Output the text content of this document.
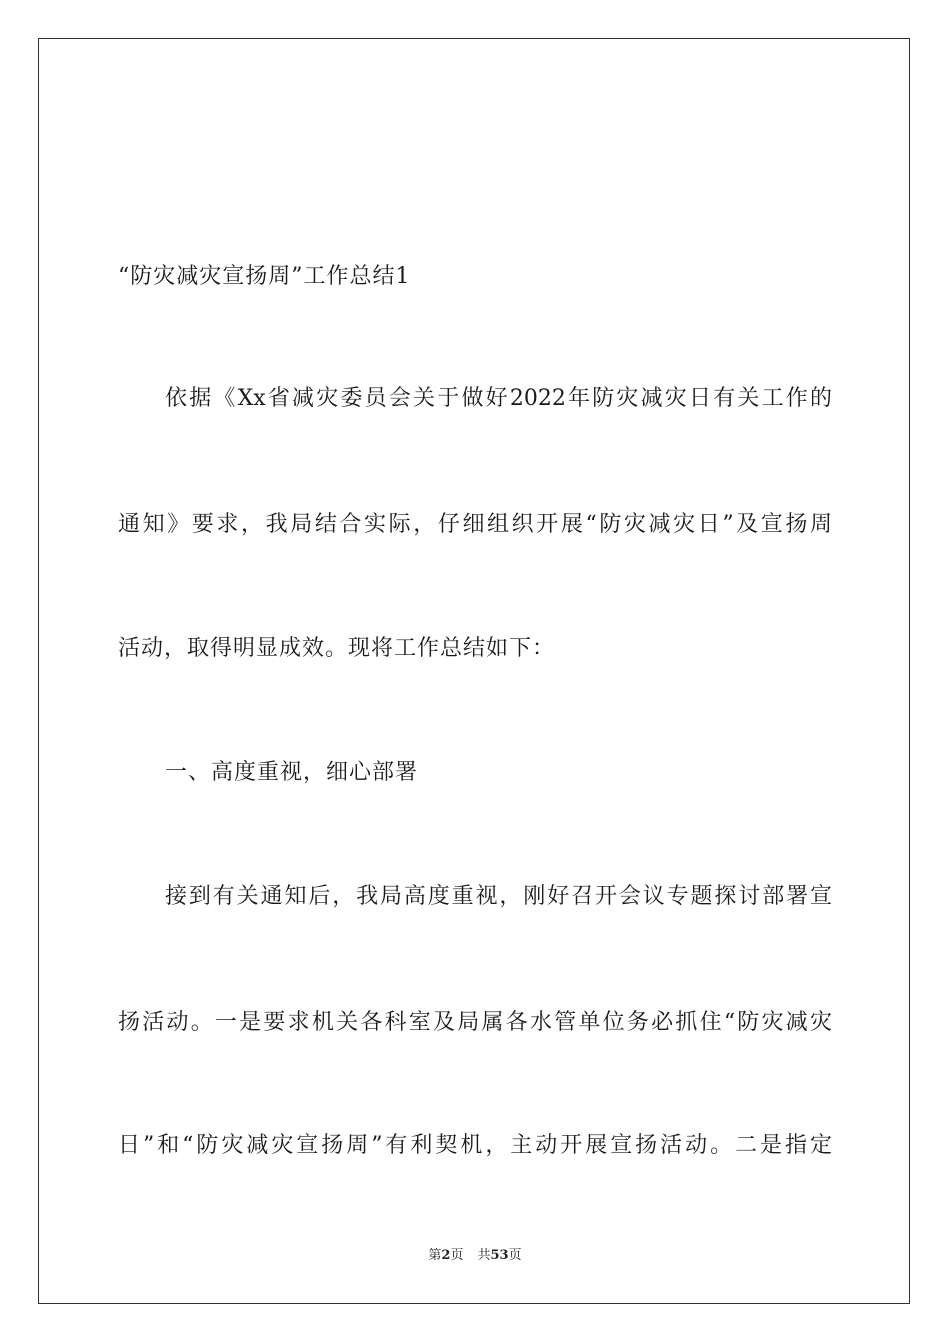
“防灾减灾宣扬周”工作总结1
依据《Xx省减灾委员会关于做好2022年防灾减灾日有关工作的
通知》要求，我局结合实际，仔细组织开展“防灾减灾日”及宣扬周
活动，取得明显成效。现将工作总结如下：
一、高度重视，细心部署
接到有关通知后，我局高度重视，刚好召开会议专题探讨部署宣
扬活动。一是要求机关各科室及局属各水管单位务必抓住“防灾减灾
日”和“防灾减灾宣扬周”有利契机，主动开展宣扬活动。二是指定
第2页 共53页
